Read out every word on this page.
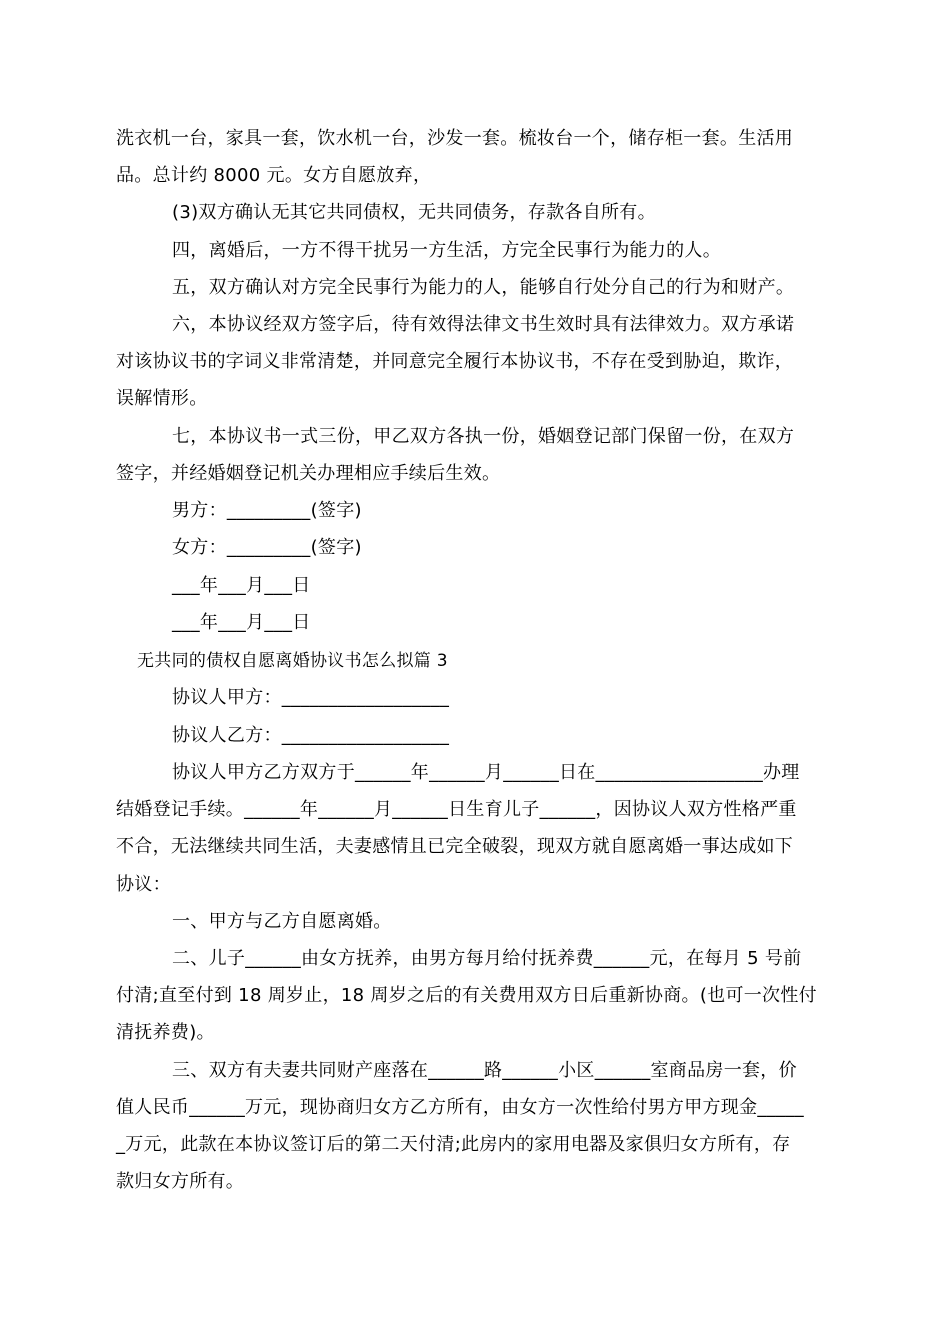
洗衣机一台，家具一套，饮水机一台，沙发一套。梳妆台一个，储存柜一套。生活用
品。总计约 8000 元。女方自愿放弃，
(3)双方确认无其它共同债权，无共同债务，存款各自所有。
四，离婚后，一方不得干扰另一方生活，方完全民事行为能力的人。
五，双方确认对方完全民事行为能力的人，能够自行处分自己的行为和财产。
六，本协议经双方签字后，待有效得法律文书生效时具有法律效力。双方承诺
对该协议书的字词义非常清楚，并同意完全履行本协议书，不存在受到胁迫，欺诈，
误解情形。
七，本协议书一式三份，甲乙双方各执一份，婚姻登记部门保留一份，在双方
签字，并经婚姻登记机关办理相应手续后生效。
男方：_________(签字)
女方：_________(签字)
___年___月___日
___年___月___日
无共同的债权自愿离婚协议书怎么拟篇 3
协议人甲方：__________________
协议人乙方：__________________
协议人甲方乙方双方于______年______月______日在__________________办理
结婚登记手续。______年______月______日生育儿子______，因协议人双方性格严重
不合，无法继续共同生活，夫妻感情且已完全破裂，现双方就自愿离婚一事达成如下
协议：
一、甲方与乙方自愿离婚。
二、儿子______由女方抚养，由男方每月给付抚养费______元，在每月 5 号前
付清;直至付到 18 周岁止，18 周岁之后的有关费用双方日后重新协商。(也可一次性付
清抚养费)。
三、双方有夫妻共同财产座落在______路______小区______室商品房一套，价
值人民币______万元，现协商归女方乙方所有，由女方一次性给付男方甲方现金_____
_万元，此款在本协议签订后的第二天付清;此房内的家用电器及家俱归女方所有，存
款归女方所有。
